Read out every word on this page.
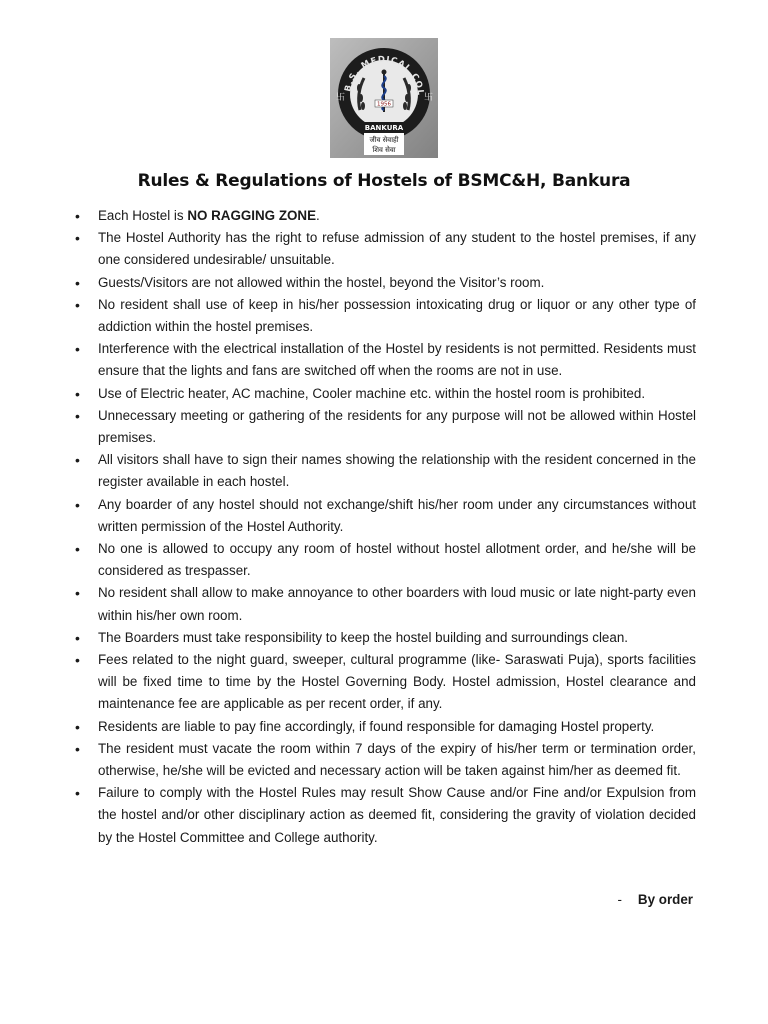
B.S. MEDICAL COL
卐	卐
1956
BANKURA
जीव सेवाही
शिव सेवा
Rules & Regulations of Hostels of BSMC&H, Bankura
• Each Hostel is NO RAGGING ZONE.
• The Hostel Authority has the right to refuse admission of any student to the hostel premises, if any one considered undesirable/ unsuitable.
• Guests/Visitors are not allowed within the hostel, beyond the Visitor’s room.
• No resident shall use of keep in his/her possession intoxicating drug or liquor or any other type of addiction within the hostel premises.
• Interference with the electrical installation of the Hostel by residents is not permitted. Residents must ensure that the lights and fans are switched off when the rooms are not in use.
• Use of Electric heater, AC machine, Cooler machine etc. within the hostel room is prohibited.
• Unnecessary meeting or gathering of the residents for any purpose will not be allowed within Hostel premises.
• All visitors shall have to sign their names showing the relationship with the resident concerned in the register available in each hostel.
• Any boarder of any hostel should not exchange/shift his/her room under any circumstances without written permission of the Hostel Authority.
• No one is allowed to occupy any room of hostel without hostel allotment order, and he/she will be considered as trespasser.
• No resident shall allow to make annoyance to other boarders with loud music or late night-party even within his/her own room.
• The Boarders must take responsibility to keep the hostel building and surroundings clean.
• Fees related to the night guard, sweeper, cultural programme (like- Saraswati Puja), sports facilities will be fixed time to time by the Hostel Governing Body. Hostel admission, Hostel clearance and maintenance fee are applicable as per recent order, if any.
• Residents are liable to pay fine accordingly, if found responsible for damaging Hostel property.
• The resident must vacate the room within 7 days of the expiry of his/her term or termination order, otherwise, he/she will be evicted and necessary action will be taken against him/her as deemed fit.
• Failure to comply with the Hostel Rules may result Show Cause and/or Fine and/or Expulsion from the hostel and/or other disciplinary action as deemed fit, considering the gravity of violation decided by the Hostel Committee and College authority.
- By order
